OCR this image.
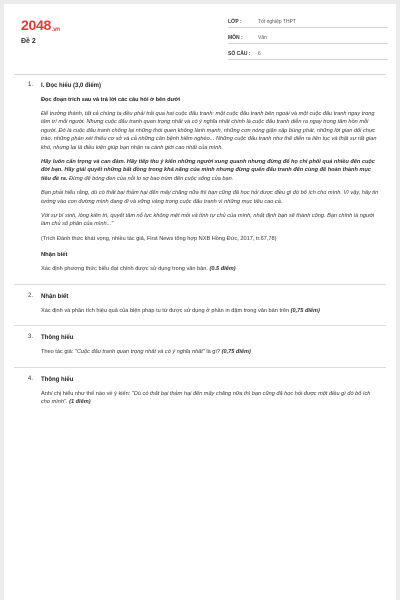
2048.vn
Đề 2
LỚP :	Tốt nghiệp THPT
MÔN :	Văn
SỐ CÂU : 6
1. I. Đọc hiểu (3,0 điểm)
Đọc đoạn trích sau và trả lời các câu hỏi ở bên dưới

Để trưởng thành, tất cả chúng ta đều phải trải qua hai cuộc đấu tranh: một cuộc đấu tranh bên ngoài và một cuộc đấu tranh ngay trong tâm trí mỗi người. Nhưng cuộc đấu tranh quan trọng nhất và có ý nghĩa nhất chính là cuộc đấu tranh diễn ra ngay trong tâm hồn mỗi người. Đó là cuộc đấu tranh chống lại những thói quen không lành mạnh, những cơn nóng giận sập bùng phát, những lời gian dối chực trào, những phán xét thiếu cơ sở và cả những cân bệnh hiểm nghèo... Những cuộc đấu tranh như thế diễn ra liên tục và thật sự rất gian khó, nhưng lại là điều kiện giúp bạn nhận ra cánh giới cao nhất của mình.

Hãy luôn cẩn trọng và can đảm. Hãy tiếp thu ý kiến những người xung quanh nhưng đừng để họ chi phối quá nhiều đến cuộc đời bạn. Hãy giải quyết những bất đồng trong khả năng của mình nhưng đừng quên đấu tranh đến cùng để hoàn thành mục tiêu đề ra. Đừng để bóng đen của nỗi lo sợ bao trùm đến cuộc sống của bạn.

Bạn phải hiểu rằng, dù có thất bại thảm hại đến mấy chăng nữa thì bạn cũng đã học hỏi được điều gì đó bổ ích cho mình. Vì vậy, hãy tin tưởng vào con đường mình đang đi và vững vàng trong cuộc đấu tranh vì những mục tiêu cao cả.

Với sự bí sinh, lòng kiên trì, quyết tâm nỗ lực không mệt mỏi và tính tự chủ của mình, nhất định bạn sẽ thành công. Bạn chính là người làm chủ số phận của mình..."

(Trích Đánh thức khát vọng, nhiều tác giả, First News tổng hợp NXB Hồng Đức, 2017, tr.67,78)

Nhận biết

Xác định phương thức biểu đạt chính được sử dụng trong văn bản. (0.5 điểm)

2. Nhận biết

Xác định và phân tích hiệu quả của biện pháp tu từ được sử dụng ở phần in đậm trong văn bản trên (0,75 điểm)

3. Thông hiểu

Theo tác giả: "Cuộc đấu tranh quan trọng nhất và có ý nghĩa nhất" là gì? (0,75 điểm)

4. Thông hiểu

Anh/ chị hiểu như thế nào về ý kiến: "Dù có thất bại thảm hại đến mấy chăng nữa thì bạn cũng đã học hỏi được một điều gì đó bổ ích cho mình". (1 điểm)
